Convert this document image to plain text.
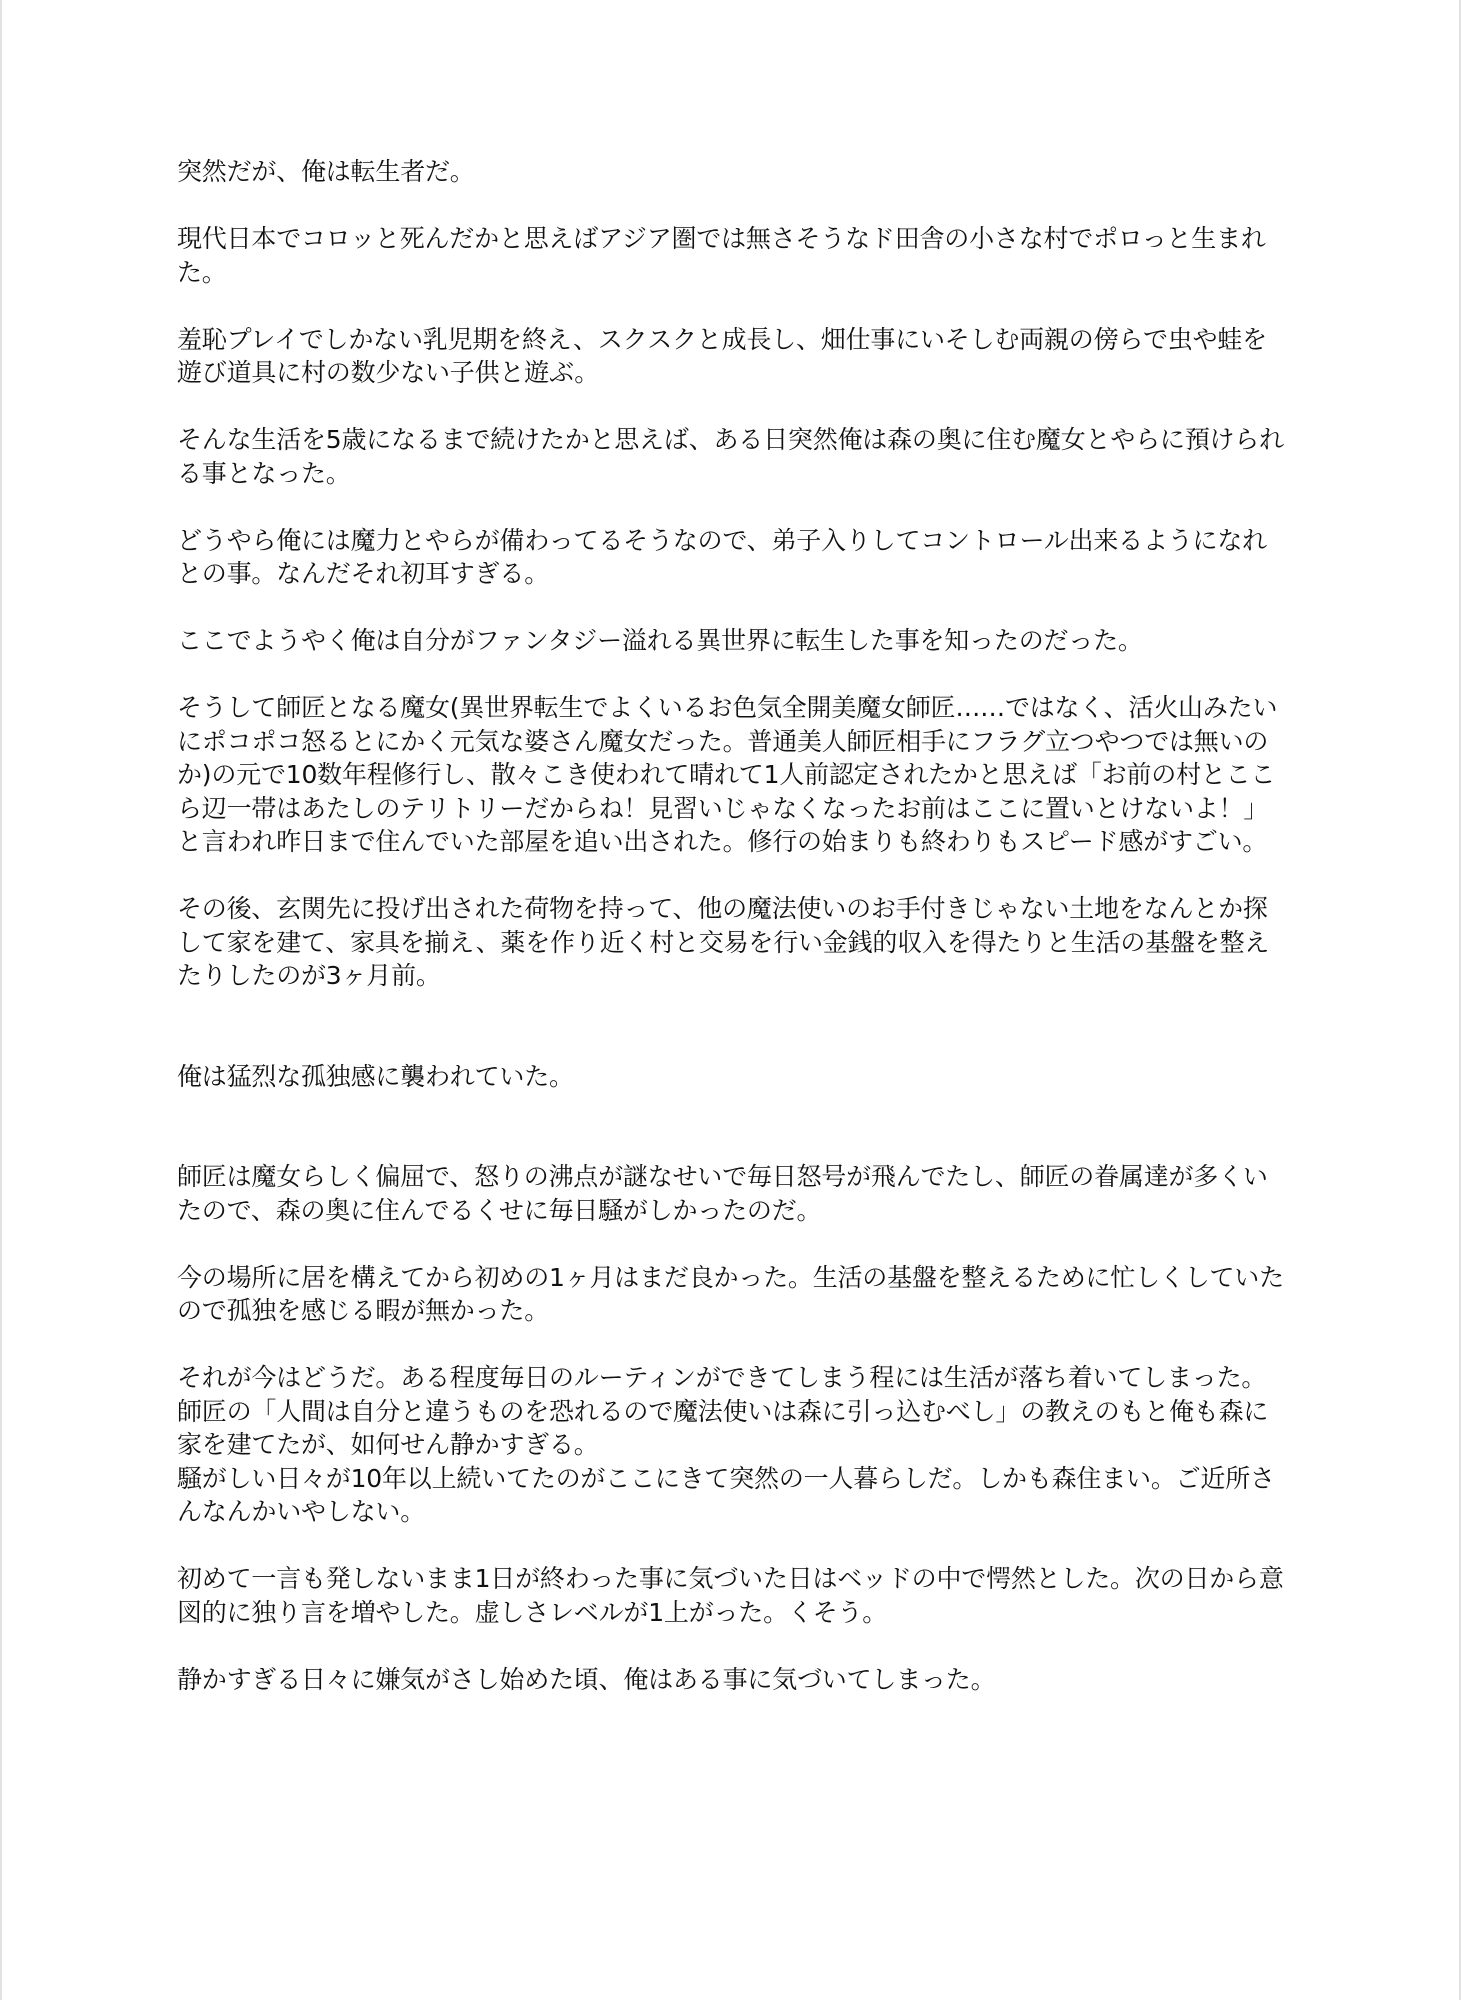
突然だが、俺は転生者だ。

現代日本でコロッと死んだかと思えばアジア圏では無さそうなド田舎の小さな村でポロっと生まれた。

羞恥プレイでしかない乳児期を終え、スクスクと成長し、畑仕事にいそしむ両親の傍らで虫や蛙を遊び道具に村の数少ない子供と遊ぶ。

そんな生活を5歳になるまで続けたかと思えば、ある日突然俺は森の奥に住む魔女とやらに預けられる事となった。

どうやら俺には魔力とやらが備わってるそうなので、弟子入りしてコントロール出来るようになれとの事。なんだそれ初耳すぎる。

ここでようやく俺は自分がファンタジー溢れる異世界に転生した事を知ったのだった。

そうして師匠となる魔女(異世界転生でよくいるお色気全開美魔女師匠……ではなく、活火山みたいにポコポコ怒るとにかく元気な婆さん魔女だった。普通美人師匠相手にフラグ立つやつでは無いのか)の元で10数年程修行し、散々こき使われて晴れて1人前認定されたかと思えば「お前の村とここら辺一帯はあたしのテリトリーだからね！見習いじゃなくなったお前はここに置いとけないよ！」と言われ昨日まで住んでいた部屋を追い出された。修行の始まりも終わりもスピード感がすごい。

その後、玄関先に投げ出された荷物を持って、他の魔法使いのお手付きじゃない土地をなんとか探して家を建て、家具を揃え、薬を作り近く村と交易を行い金銭的収入を得たりと生活の基盤を整えたりしたのが3ヶ月前。

俺は猛烈な孤独感に襲われていた。

師匠は魔女らしく偏屈で、怒りの沸点が謎なせいで毎日怒号が飛んでたし、師匠の眷属達が多くいたので、森の奥に住んでるくせに毎日騒がしかったのだ。

今の場所に居を構えてから初めの1ヶ月はまだ良かった。生活の基盤を整えるために忙しくしていたので孤独を感じる暇が無かった。

それが今はどうだ。ある程度毎日のルーティンができてしまう程には生活が落ち着いてしまった。師匠の「人間は自分と違うものを恐れるので魔法使いは森に引っ込むべし」の教えのもと俺も森に家を建てたが、如何せん静かすぎる。
騒がしい日々が10年以上続いてたのがここにきて突然の一人暮らしだ。しかも森住まい。ご近所さんなんかいやしない。

初めて一言も発しないまま1日が終わった事に気づいた日はベッドの中で愕然とした。次の日から意図的に独り言を増やした。虚しさレベルが1上がった。くそう。

静かすぎる日々に嫌気がさし始めた頃、俺はある事に気づいてしまった。
